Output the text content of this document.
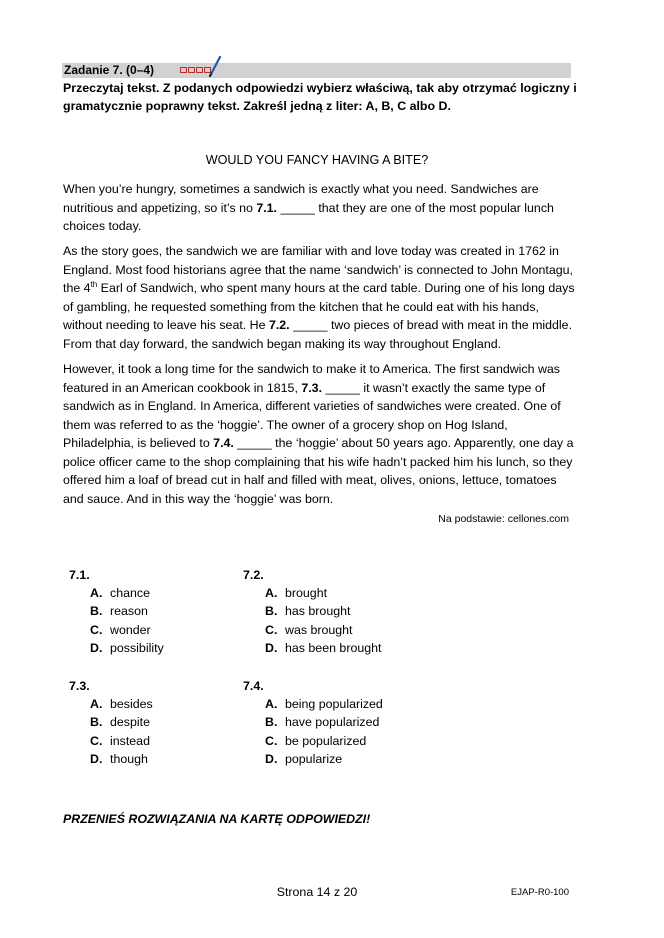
Zadanie 7. (0–4)
Przeczytaj tekst. Z podanych odpowiedzi wybierz właściwą, tak aby otrzymać logiczny i gramatycznie poprawny tekst. Zakreśl jedną z liter: A, B, C albo D.
WOULD YOU FANCY HAVING A BITE?

When you’re hungry, sometimes a sandwich is exactly what you need. Sandwiches are nutritious and appetizing, so it’s no 7.1. _____ that they are one of the most popular lunch choices today.

As the story goes, the sandwich we are familiar with and love today was created in 1762 in England. Most food historians agree that the name ‘sandwich’ is connected to John Montagu, the 4th Earl of Sandwich, who spent many hours at the card table. During one of his long days of gambling, he requested something from the kitchen that he could eat with his hands, without needing to leave his seat. He 7.2. _____ two pieces of bread with meat in the middle. From that day forward, the sandwich began making its way throughout England.

However, it took a long time for the sandwich to make it to America. The first sandwich was featured in an American cookbook in 1815, 7.3. _____ it wasn’t exactly the same type of sandwich as in England. In America, different varieties of sandwiches were created. One of them was referred to as the ‘hoggie’. The owner of a grocery shop on Hog Island, Philadelphia, is believed to 7.4. _____ the ‘hoggie’ about 50 years ago. Apparently, one day a police officer came to the shop complaining that his wife hadn’t packed him his lunch, so they offered him a loaf of bread cut in half and filled with meat, olives, onions, lettuce, tomatoes and sauce. And in this way the ‘hoggie’ was born.

Na podstawie: cellones.com
7.1.
A. chance
B. reason
C. wonder
D. possibility
7.2.
A. brought
B. has brought
C. was brought
D. has been brought
7.3.
A. besides
B. despite
C. instead
D. though
7.4.
A. being popularized
B. have popularized
C. be popularized
D. popularize
PRZENIEŚ ROZWIĄZANIA NA KARTĘ ODPOWIEDZI!
Strona 14 z 20	EJAP-R0-100
